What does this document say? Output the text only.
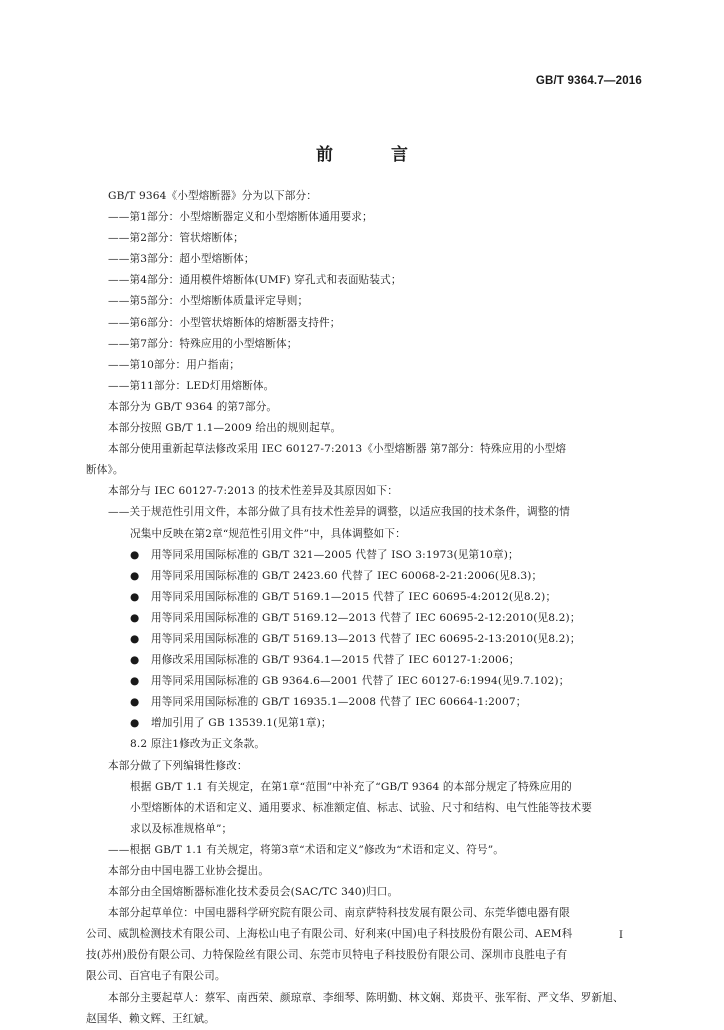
GB/T 9364.7—2016
前 言
GB/T 9364《小型熔断器》分为以下部分：
——第1部分：小型熔断器定义和小型熔断体通用要求；
——第2部分：管状熔断体；
——第3部分：超小型熔断体；
——第4部分：通用模件熔断体(UMF) 穿孔式和表面贴装式；
——第5部分：小型熔断体质量评定导则；
——第6部分：小型管状熔断体的熔断器支持件；
——第7部分：特殊应用的小型熔断体；
——第10部分：用户指南；
——第11部分：LED灯用熔断体。
本部分为 GB/T 9364 的第7部分。
本部分按照 GB/T 1.1—2009 给出的规则起草。
本部分使用重新起草法修改采用 IEC 60127-7:2013《小型熔断器 第7部分：特殊应用的小型熔
断体》。
本部分与 IEC 60127-7:2013 的技术性差异及其原因如下：
——关于规范性引用文件，本部分做了具有技术性差异的调整，以适应我国的技术条件，调整的情
况集中反映在第2章“规范性引用文件”中，具体调整如下：
● 用等同采用国际标准的 GB/T 321—2005 代替了 ISO 3:1973(见第10章)；
● 用等同采用国际标准的 GB/T 2423.60 代替了 IEC 60068-2-21:2006(见8.3)；
● 用等同采用国际标准的 GB/T 5169.1—2015 代替了 IEC 60695-4:2012(见8.2)；
● 用等同采用国际标准的 GB/T 5169.12—2013 代替了 IEC 60695-2-12:2010(见8.2)；
● 用等同采用国际标准的 GB/T 5169.13—2013 代替了 IEC 60695-2-13:2010(见8.2)；
● 用修改采用国际标准的 GB/T 9364.1—2015 代替了 IEC 60127-1:2006；
● 用等同采用国际标准的 GB 9364.6—2001 代替了 IEC 60127-6:1994(见9.7.102)；
● 用等同采用国际标准的 GB/T 16935.1—2008 代替了 IEC 60664-1:2007；
● 增加引用了 GB 13539.1(见第1章)；
8.2 原注1修改为正文条款。
本部分做了下列编辑性修改：
根据 GB/T 1.1 有关规定，在第1章“范围”中补充了“GB/T 9364 的本部分规定了特殊应用的
小型熔断体的术语和定义、通用要求、标准额定值、标志、试验、尺寸和结构、电气性能等技术要
求以及标准规格单”；
——根据 GB/T 1.1 有关规定，将第3章“术语和定义”修改为“术语和定义、符号”。
本部分由中国电器工业协会提出。
本部分由全国熔断器标准化技术委员会(SAC/TC 340)归口。
本部分起草单位：中国电器科学研究院有限公司、南京萨特科技发展有限公司、东莞华德电器有限
公司、威凯检测技术有限公司、上海松山电子有限公司、好利来(中国)电子科技股份有限公司、AEM科
技(苏州)股份有限公司、力特保险丝有限公司、东莞市贝特电子科技股份有限公司、深圳市良胜电子有
限公司、百宫电子有限公司。
本部分主要起草人：蔡军、南西荣、颜琼章、李细琴、陈明勤、林文娴、郑贵平、张军衔、严文华、罗新旭、
赵国华、赖文辉、王红斌。
I
